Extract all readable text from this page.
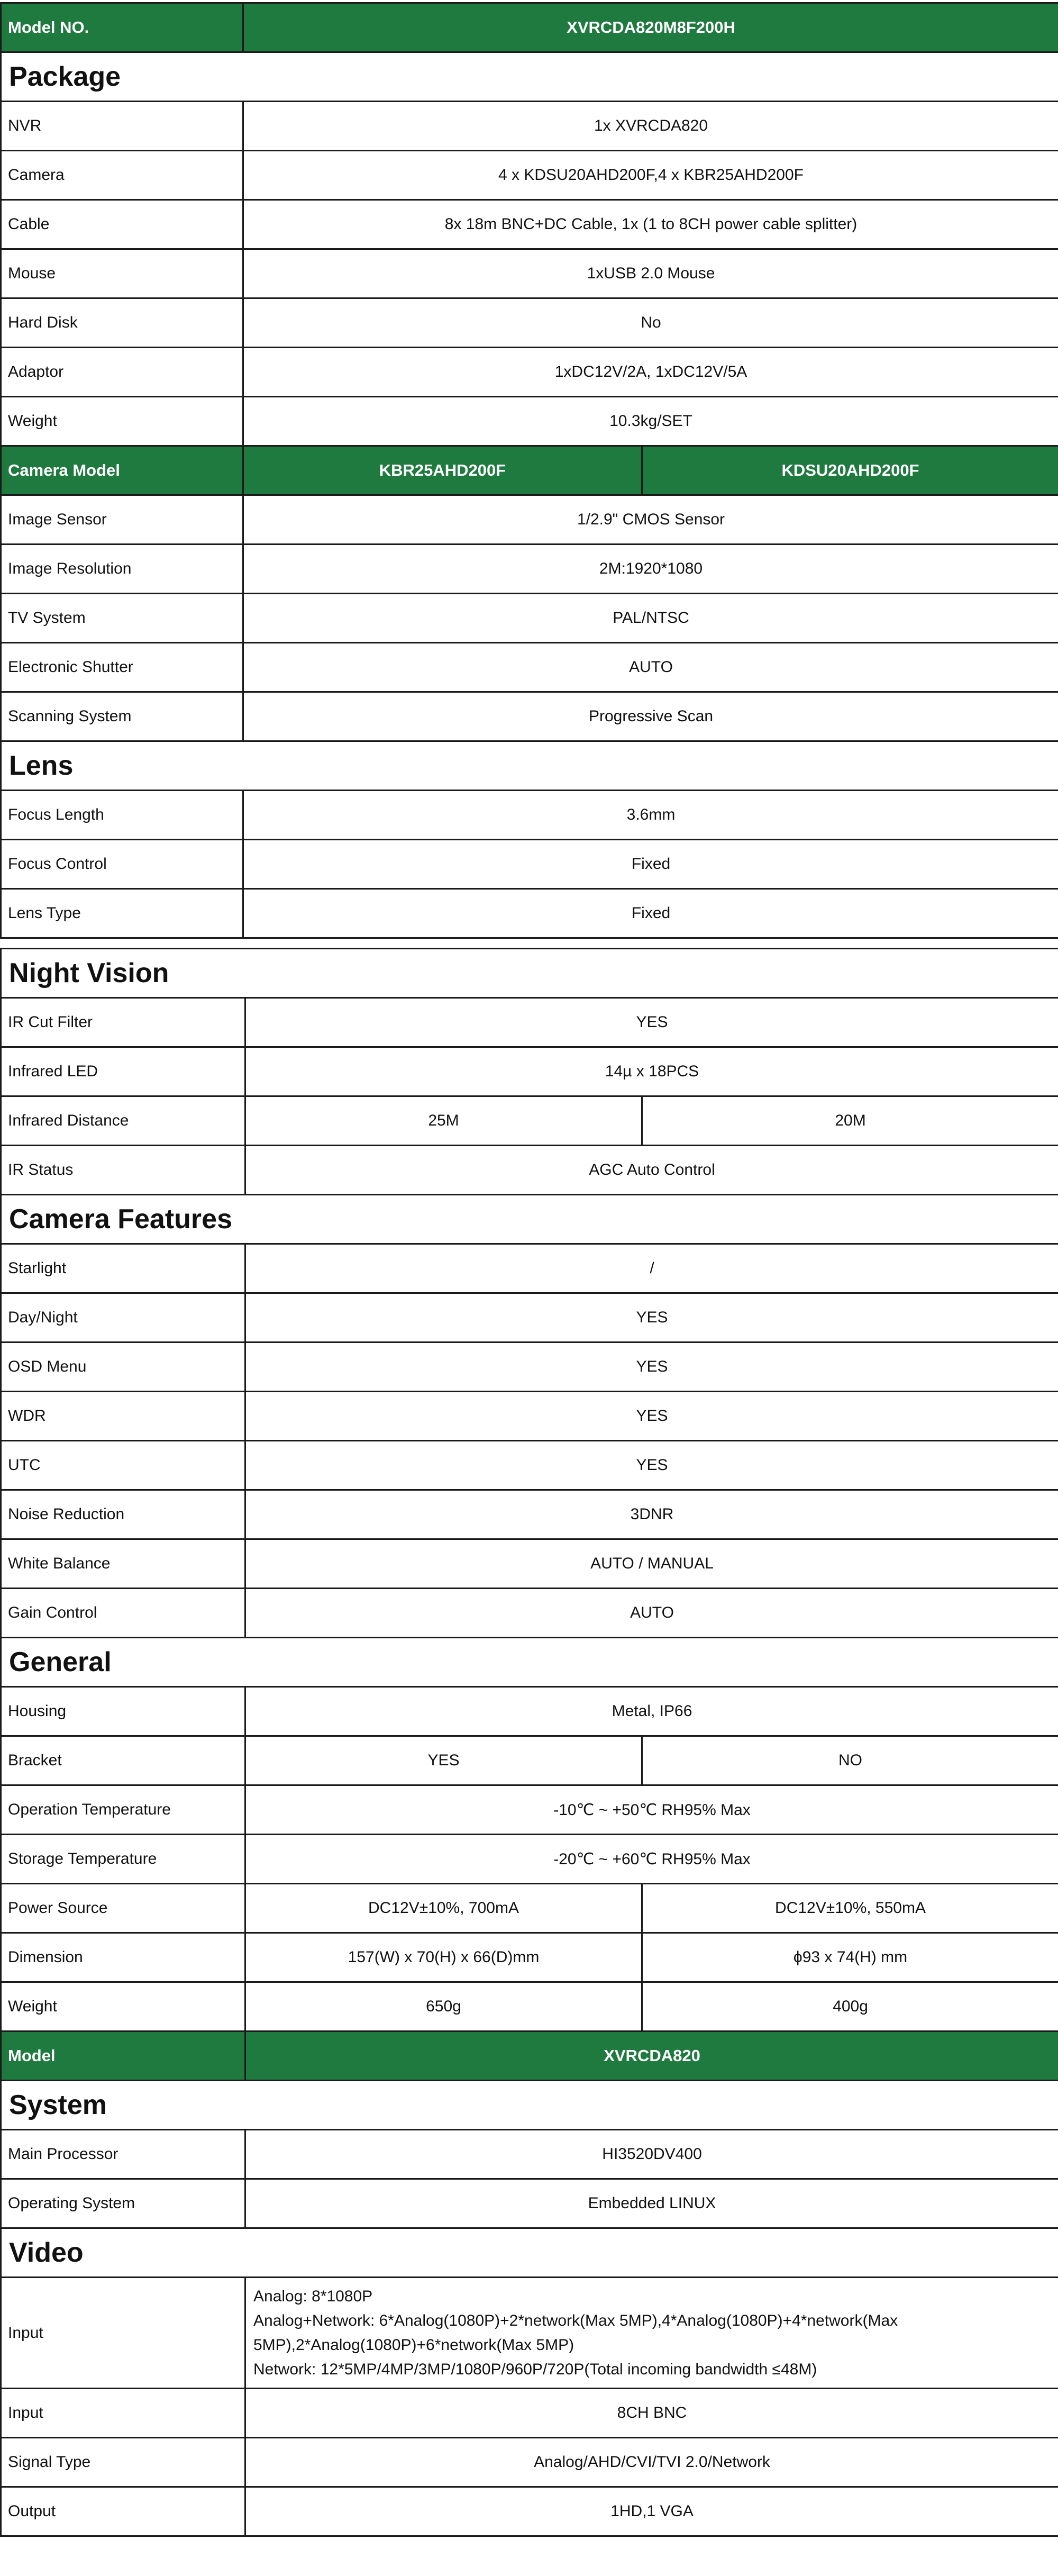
Model NO.	XVRCDA820M8F200H	
Package		
NVR	1x XVRCDA820	
Camera	4 x KDSU20AHD200F,4 x KBR25AHD200F	
Cable	8x 18m BNC+DC Cable, 1x (1 to 8CH power cable splitter)	
Mouse	1xUSB 2.0 Mouse	
Hard Disk	No	
Adaptor	1xDC12V/2A, 1xDC12V/5A	
Weight	10.3kg/SET	
Camera Model	KBR25AHD200F	KDSU20AHD200F
Image Sensor	1/2.9" CMOS Sensor	
Image Resolution	2M:1920*1080	
TV System	PAL/NTSC	
Electronic Shutter	AUTO	
Scanning System	Progressive Scan	
Lens		
Focus Length	3.6mm	
Focus Control	Fixed	
Lens Type	Fixed	
Night Vision		
IR Cut Filter	YES	
Infrared LED	14µ x 18PCS	
Infrared Distance	25M	20M
IR Status	AGC Auto Control	
Camera Features		
Starlight	/	
Day/Night	YES	
OSD Menu	YES	
WDR	YES	
UTC	YES	
Noise Reduction	3DNR	
White Balance	AUTO / MANUAL	
Gain Control	AUTO	
General		
Housing	Metal, IP66	
Bracket	YES	NO
Operation Temperature	-10℃ ~ +50℃ RH95% Max	
Storage Temperature	-20℃ ~ +60℃ RH95% Max	
Power Source	DC12V±10%, 700mA	DC12V±10%, 550mA
Dimension	157(W) x 70(H) x 66(D)mm	ϕ93 x 74(H) mm
Weight	650g	400g
Model	XVRCDA820	
System		
Main Processor	HI3520DV400	
Operating System	Embedded LINUX	
Video		
Input	Analog: 8*1080P
Analog+Network: 6*Analog(1080P)+2*network(Max 5MP),4*Analog(1080P)+4*network(Max 5MP),2*Analog(1080P)+6*network(Max 5MP)
Network: 12*5MP/4MP/3MP/1080P/960P/720P(Total incoming bandwidth ≤48M)	

Input	8CH BNC	
Signal Type	Analog/AHD/CVI/TVI 2.0/Network	
Output	1HD,1 VGA	
